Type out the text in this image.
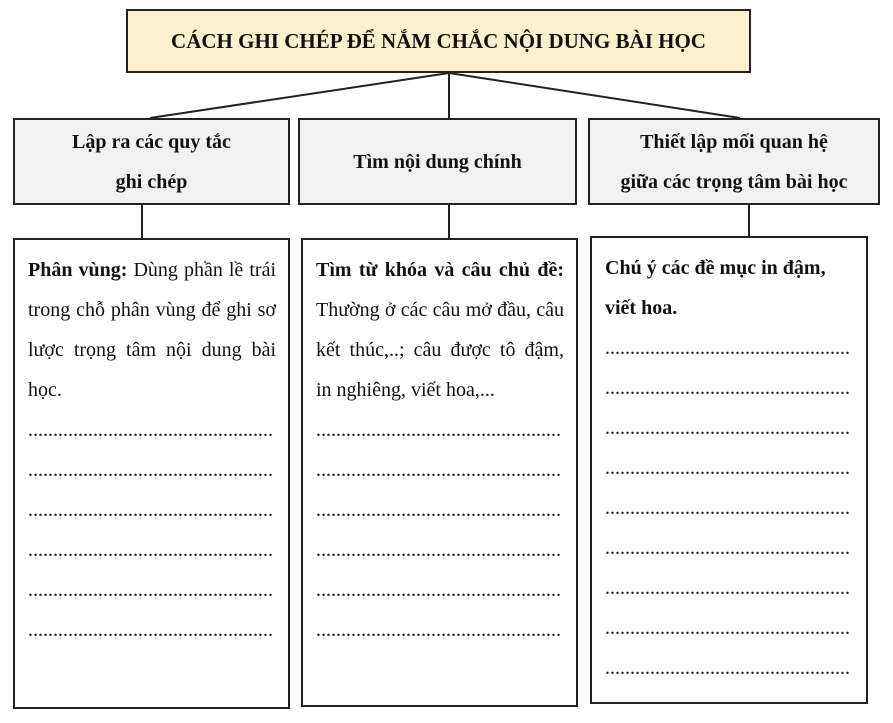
CÁCH GHI CHÉP ĐỂ NẮM CHẮC NỘI DUNG BÀI HỌC
Lập ra các quy tắc
ghi chép
Tìm nội dung chính
Thiết lập mối quan hệ
giữa các trọng tâm bài học

Phân vùng: Dùng phần lề trái trong chỗ phân vùng để ghi sơ lược trọng tâm nội dung bài học.

.................................................
.................................................
.................................................
.................................................
.................................................
.................................................

Tìm từ khóa và câu chủ đề: Thường ở các câu mở đầu, câu kết thúc,..; câu được tô đậm, in nghiêng, viết hoa,...

.................................................
.................................................
.................................................
.................................................
.................................................
.................................................

Chú ý các đề mục in đậm, viết hoa.

.................................................
.................................................
.................................................
.................................................
.................................................
.................................................
.................................................
.................................................
.................................................
